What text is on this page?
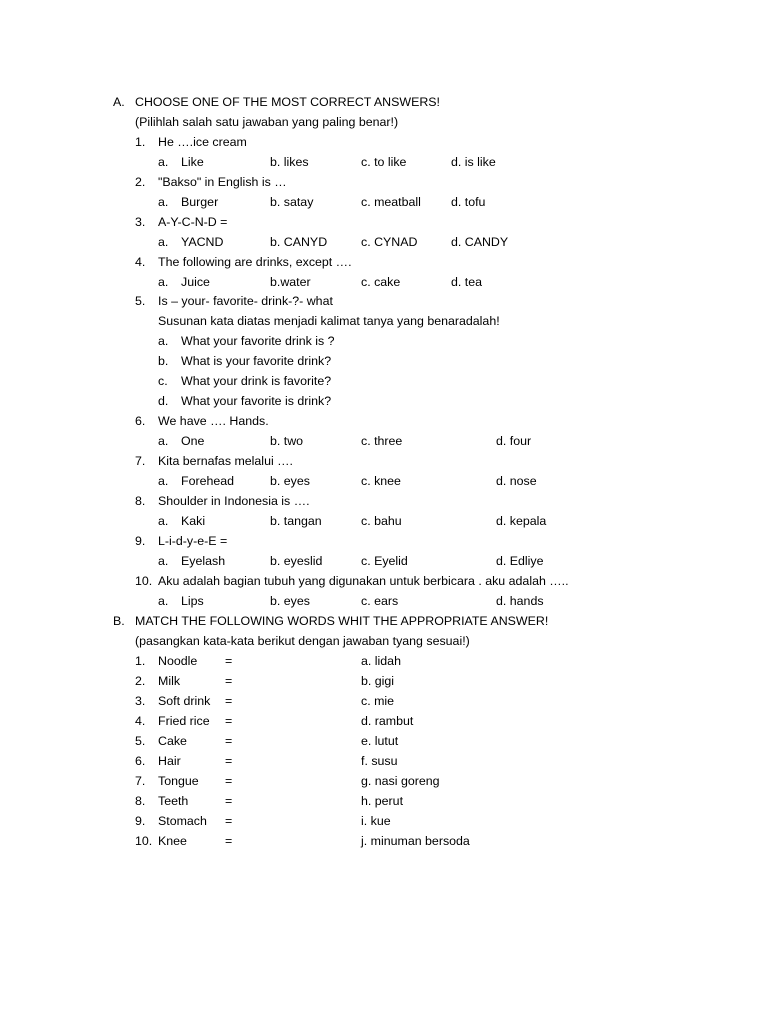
A. CHOOSE ONE OF THE MOST CORRECT ANSWERS!
(Pilihlah salah satu jawaban yang paling benar!)
1. He ….ice cream
a. Like	b. likes	c. to like	d. is like
2. "Bakso" in English is …
a. Burger	b. satay	c. meatball d. tofu
3. A-Y-C-N-D =
a. YACND	b. CANYD	c. CYNAD	d. CANDY
4. The following are drinks, except ….
a. Juice	b.water	c. cake	d. tea
5. Is – your- favorite- drink-?- what
Susunan kata diatas menjadi kalimat tanya yang benaradalah!
a. What your favorite drink is ?
b. What is your favorite drink?
c. What your drink is favorite?
d. What your favorite is drink?
6. We have …. Hands.
a. One	b. two	c. three	d. four
7. Kita bernafas melalui ….
a. Forehead	b. eyes	c. knee	d. nose
8. Shoulder in Indonesia is ….
a. Kaki	b. tangan	c. bahu	d. kepala
9. L-i-d-y-e-E =
a. Eyelash	b. eyeslid	c. Eyelid	d. Edliye
10. Aku adalah bagian tubuh yang digunakan untuk berbicara . aku adalah …..
a. Lips	b. eyes	c. ears	d. hands
B. MATCH THE FOLLOWING WORDS WHIT THE APPROPRIATE ANSWER!
(pasangkan kata-kata berikut dengan jawaban tyang sesuai!)
1. Noodle =	a. lidah
2. Milk	=	b. gigi
3. Soft drink =	c. mie
4. Fried rice =	d. rambut
5. Cake	=	e. lutut
6. Hair	=	f. susu
7. Tongue =	g. nasi goreng
8. Teeth	=	h. perut
9. Stomach =	i. kue
10. Knee	=	j. minuman bersoda
